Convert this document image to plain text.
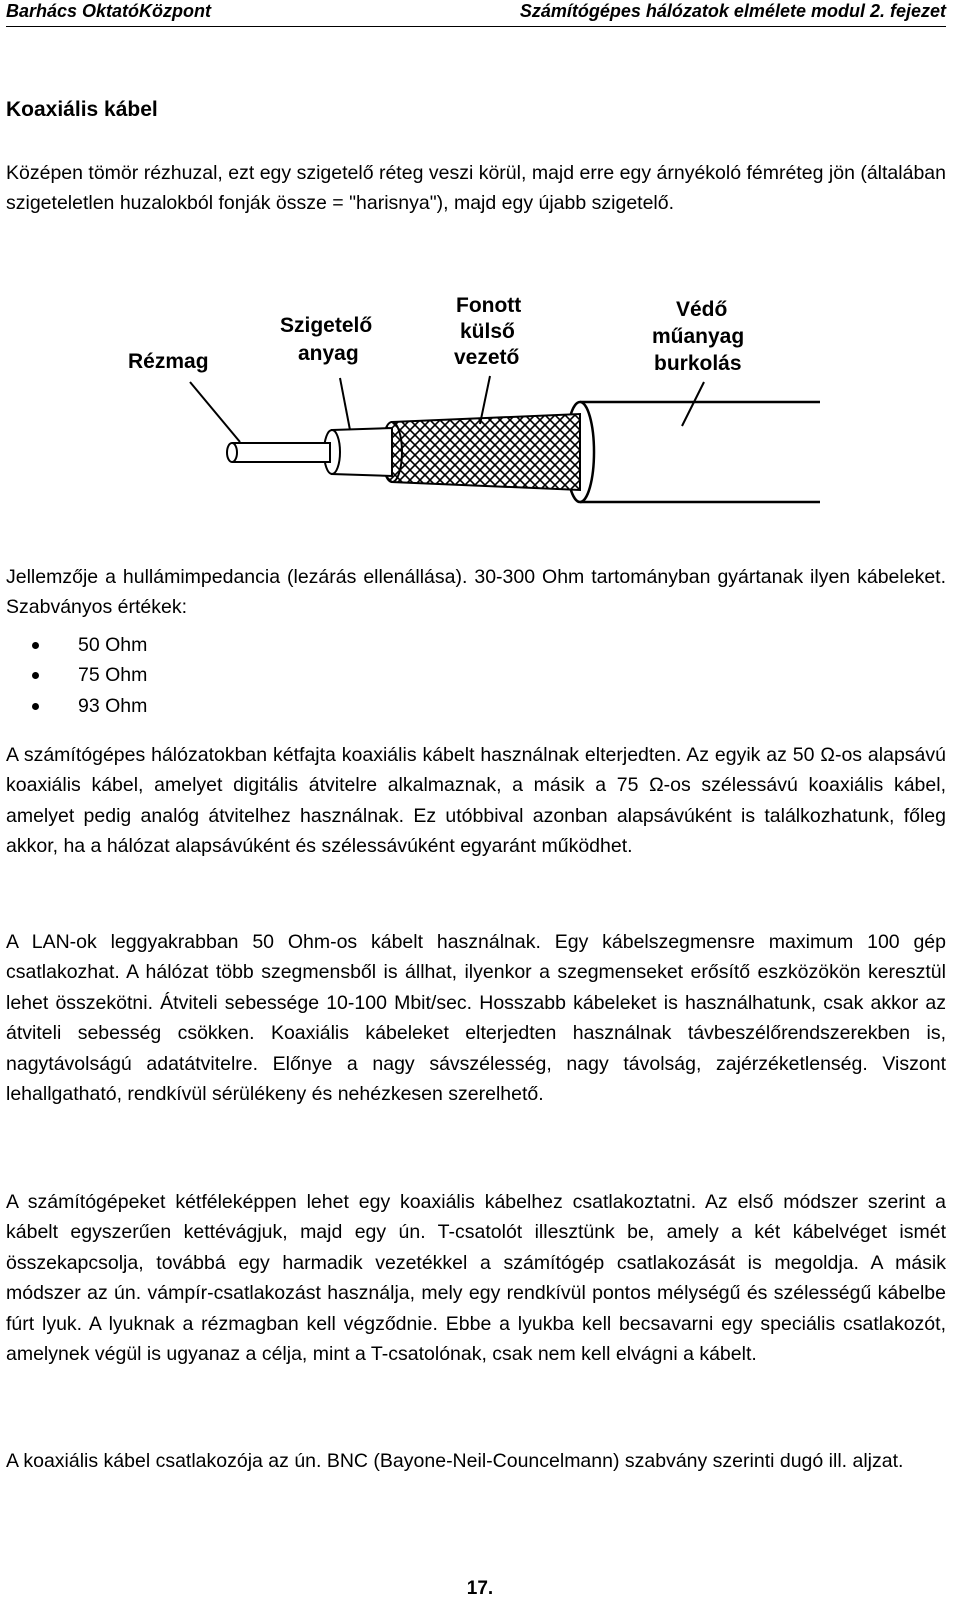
Barhács OktatóKözpont	Számítógépes hálózatok elmélete modul 2. fejezet
Koaxiális kábel

Középen tömör rézhuzal, ezt egy szigetelő réteg veszi körül, majd erre egy árnyékoló fémréteg jön (általában szigeteletlen huzalokból fonják össze = "harisnya"), majd egy újabb szigetelő.

Rézmag
Szigetelő
anyag
Fonott
külső
vezető
Védő
műanyag
burkolás

Jellemzője a hullámimpedancia (lezárás ellenállása). 30-300 Ohm tartományban gyártanak ilyen kábeleket. Szabványos értékek:

50 Ohm
75 Ohm
93 Ohm

A számítógépes hálózatokban kétfajta koaxiális kábelt használnak elterjedten. Az egyik az 50 Ω-os alapsávú koaxiális kábel, amelyet digitális átvitelre alkalmaznak, a másik a 75 Ω-os szélessávú koaxiális kábel, amelyet pedig analóg átvitelhez használnak. Ez utóbbival azonban alapsávúként is találkozhatunk, főleg akkor, ha a hálózat alapsávúként és szélessávúként egyaránt működhet.

A LAN-ok leggyakrabban 50 Ohm-os kábelt használnak. Egy kábelszegmensre maximum 100 gép csatlakozhat. A hálózat több szegmensből is állhat, ilyenkor a szegmenseket erősítő eszközökön keresztül lehet összekötni. Átviteli sebessége 10-100 Mbit/sec. Hosszabb kábeleket is használhatunk, csak akkor az átviteli sebesség csökken. Koaxiális kábeleket elterjedten használnak távbeszélőrendszerekben is, nagytávolságú adatátvitelre. Előnye a nagy sávszélesség, nagy távolság, zajérzéketlenség. Viszont lehallgatható, rendkívül sérülékeny és nehézkesen szerelhető.

A számítógépeket kétféleképpen lehet egy koaxiális kábelhez csatlakoztatni. Az első módszer szerint a kábelt egyszerűen kettévágjuk, majd egy ún. T-csatolót illesztünk be, amely a két kábelvéget ismét összekapcsolja, továbbá egy harmadik vezetékkel a számítógép csatlakozását is megoldja. A másik módszer az ún. vámpír-csatlakozást használja, mely egy rendkívül pontos mélységű és szélességű kábelbe fúrt lyuk. A lyuknak a rézmagban kell végződnie. Ebbe a lyukba kell becsavarni egy speciális csatlakozót, amelynek végül is ugyanaz a célja, mint a T-csatolónak, csak nem kell elvágni a kábelt.

A koaxiális kábel csatlakozója az ún. BNC (Bayone-Neil-Councelmann) szabvány szerinti dugó ill. aljzat.

17.
